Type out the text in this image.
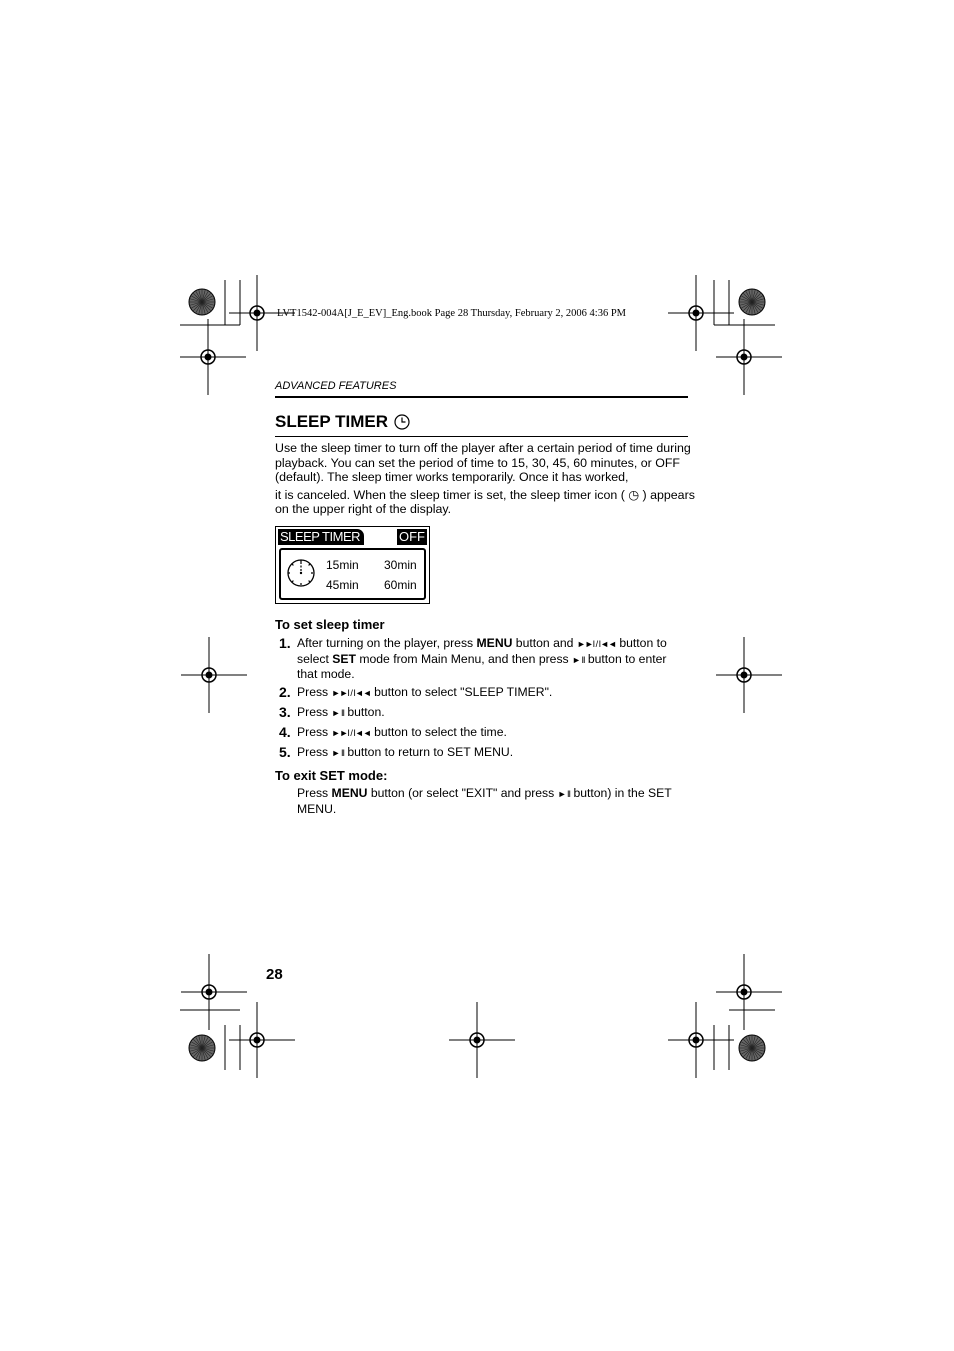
LVT1542-004A[J_E_EV]_Eng.book Page 28 Thursday, February 2, 2006 4:36 PM
ADVANCED FEATURES
SLEEP TIMER

Use the sleep timer to turn off the player after a certain period of time during playback. You can set the period of time to 15, 30, 45, 60 minutes, or OFF (default). The sleep timer works temporarily. Once it has worked,

it is canceled. When the sleep timer is set, the sleep timer icon ( ◷ ) appears on the upper right of the display.

SLEEP TIMER	OFF
15min 30min
45min 60min
To set sleep timer
1. After turning on the player, press MENU button and ►►I / I◄◄ button to select SET mode from Main Menu, and then press ► II button to enter that mode.
2. Press ►►I / I◄◄ button to select "SLEEP TIMER".
3. Press ► II button.
4. Press ►►I / I◄◄ button to select the time.
5. Press ► II button to return to SET MENU.
To exit SET mode:
Press MENU button (or select "EXIT" and press ► II button) in the SET MENU.
28
